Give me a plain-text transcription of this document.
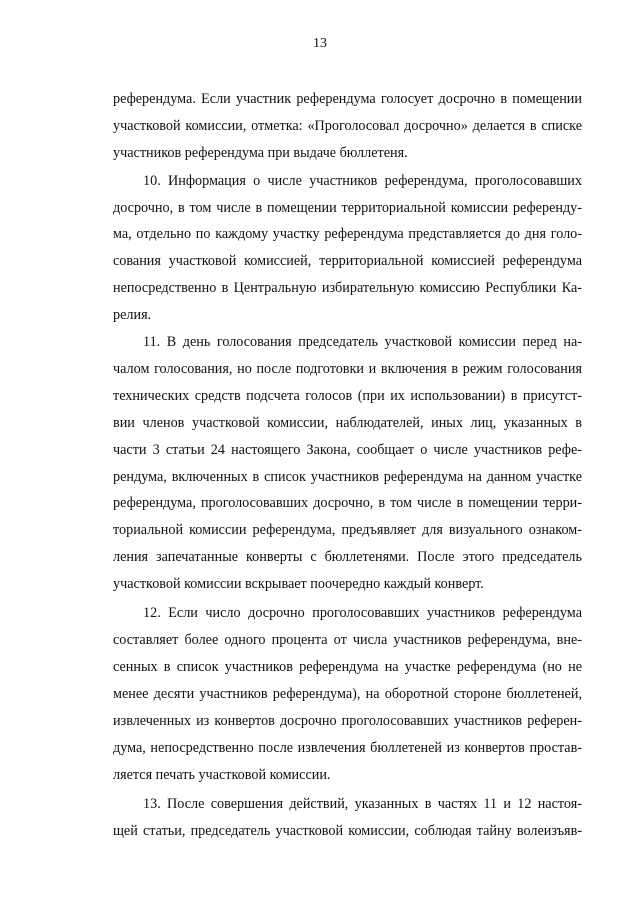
13
референдума. Если участник референдума голосует досрочно в помещении
участковой комиссии, отметка: «Проголосовал досрочно» делается в списке
участников референдума при выдаче бюллетеня.
10. Информация о числе участников референдума, проголосовавших
досрочно, в том числе в помещении территориальной комиссии референду-
ма, отдельно по каждому участку референдума представляется до дня голо-
сования участковой комиссией, территориальной комиссией референдума
непосредственно в Центральную избирательную комиссию Республики Ка-
релия.
11. В день голосования председатель участковой комиссии перед на-
чалом голосования, но после подготовки и включения в режим голосования
технических средств подсчета голосов (при их использовании) в присутст-
вии членов участковой комиссии, наблюдателей, иных лиц, указанных в
части 3 статьи 24 настоящего Закона, сообщает о числе участников рефе-
рендума, включенных в список участников референдума на данном участке
референдума, проголосовавших досрочно, в том числе в помещении терри-
ториальной комиссии референдума, предъявляет для визуального ознаком-
ления запечатанные конверты с бюллетенями. После этого председатель
участковой комиссии вскрывает поочередно каждый конверт.
12. Если число досрочно проголосовавших участников референдума
составляет более одного процента от числа участников референдума, вне-
сенных в список участников референдума на участке референдума (но не
менее десяти участников референдума), на оборотной стороне бюллетеней,
извлеченных из конвертов досрочно проголосовавших участников референ-
дума, непосредственно после извлечения бюллетеней из конвертов простав-
ляется печать участковой комиссии.
13. После совершения действий, указанных в частях 11 и 12 настоя-
щей статьи, председатель участковой комиссии, соблюдая тайну волеизъяв-
